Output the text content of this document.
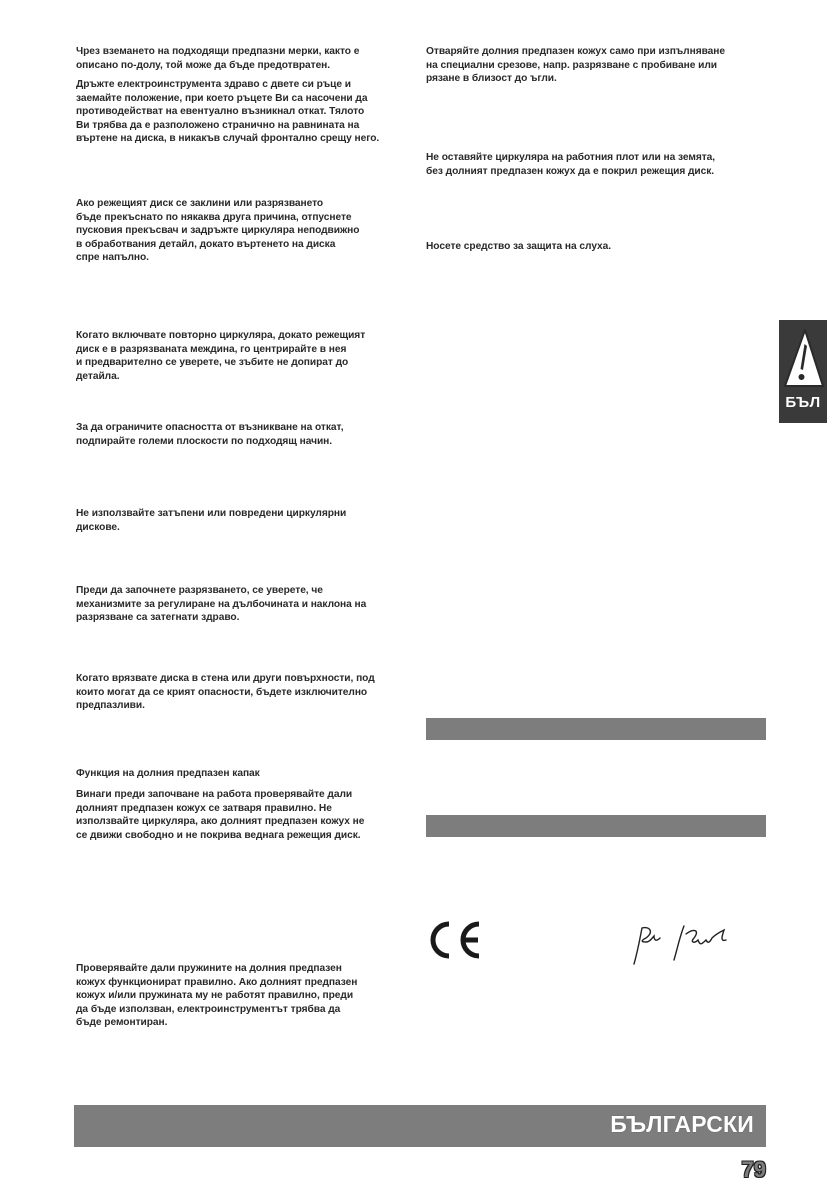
Чрез вземането на подходящи предпазни мерки, както е
описано по-долу, той може да бъде предотвратен.
Дръжте електроинструмента здраво с двете си ръце и
заемайте положение, при което ръцете Ви са насочени да
противодействат на евентуално възникнал откат. Тялото
Ви трябва да е разположено странично на равнината на
въртене на диска, в никакъв случай фронтално срещу него.
Ако режещият диск се заклини или разрязването
бъде прекъснато по някаква друга причина, отпуснете
пусковия прекъсвач и задръжте циркуляра неподвижно
в обработвания детайл, докато въртенето на диска
спре напълно.
Когато включвате повторно циркуляра, докато режещият
диск е в разрязваната междина, го центрирайте в нея
и предварително се уверете, че зъбите не допират до
детайла.
За да ограничите опасността от възникване на откат,
подпирайте големи плоскости по подходящ начин.
Не използвайте затъпени или повредени циркулярни
дискове.
Преди да започнете разрязването, се уверете, че
механизмите за регулиране на дълбочината и наклона на
разрязване са затегнати здраво.
Когато врязвате диска в стена или други повърхности, под
които могат да се крият опасности, бъдете изключително
предпазливи.
Функция на долния предпазен капак
Винаги преди започване на работа проверявайте дали
долният предпазен кожух се затваря правилно. Не
използвайте циркуляра, ако долният предпазен кожух не
се движи свободно и не покрива веднага режещия диск.
Проверявайте дали пружините на долния предпазен
кожух функционират правилно. Ако долният предпазен
кожух и/или пружината му не работят правилно, преди
да бъде използван, електроинструментът трябва да
бъде ремонтиран.
Отваряйте долния предпазен кожух само при изпълняване
на специални срезове, напр. разрязване с пробиване или
рязане в близост до ъгли.
Не оставяйте циркуляра на работния плот или на земята,
без долният предпазен кожух да е покрил режещия диск.
Носете средство за защита на слуха.
БЪЛ
БЪЛГАРСКИ
79
